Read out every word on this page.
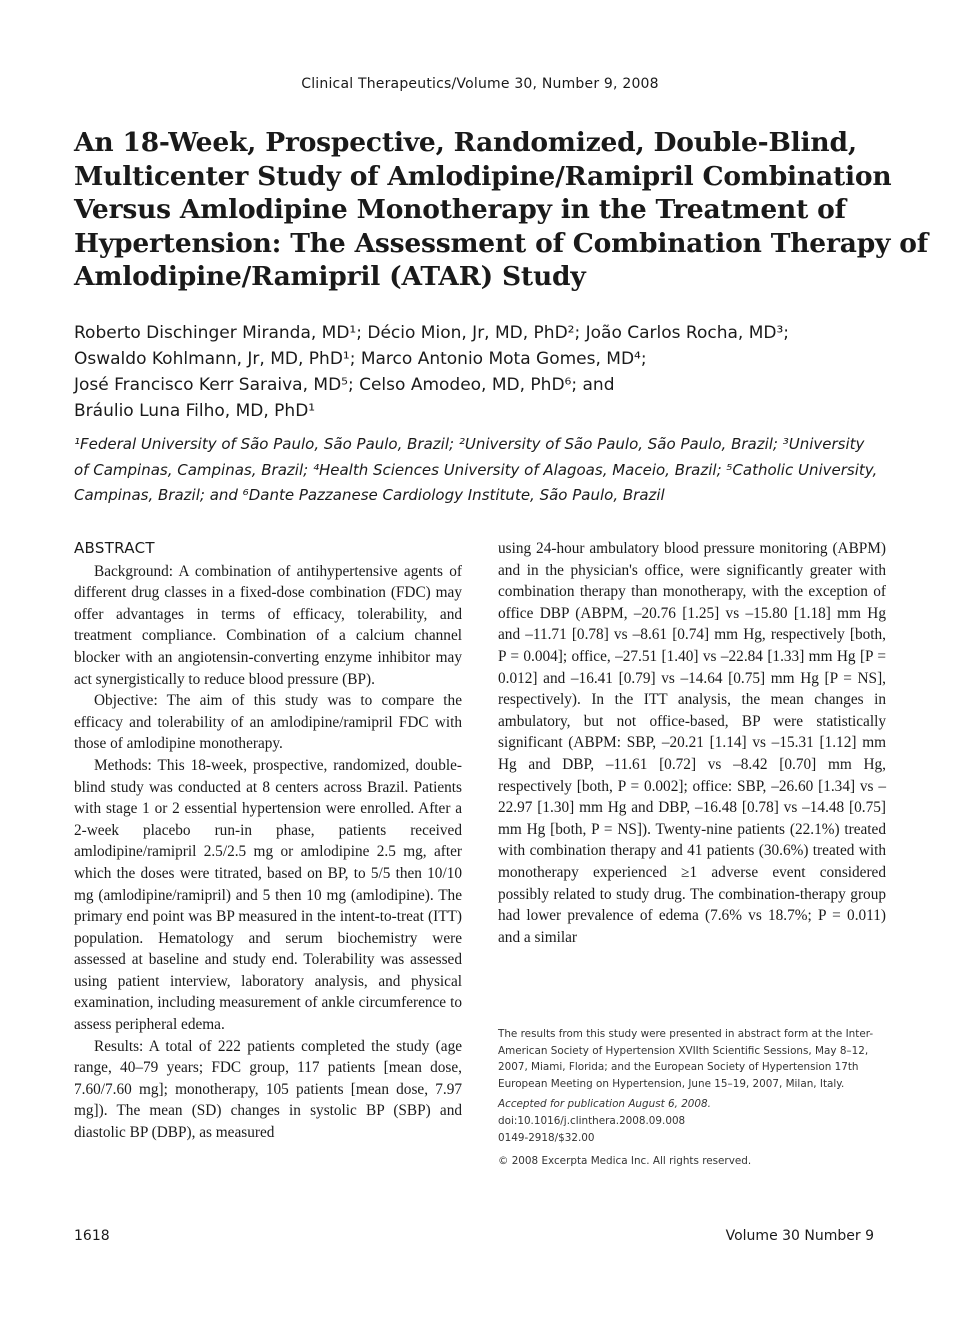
Clinical Therapeutics/Volume 30, Number 9, 2008
An 18-Week, Prospective, Randomized, Double-Blind,
Multicenter Study of Amlodipine/Ramipril Combination
Versus Amlodipine Monotherapy in the Treatment of
Hypertension: The Assessment of Combination Therapy of
Amlodipine/Ramipril (ATAR) Study
Roberto Dischinger Miranda, MD¹; Décio Mion, Jr, MD, PhD²; João Carlos Rocha, MD³;
Oswaldo Kohlmann, Jr, MD, PhD¹; Marco Antonio Mota Gomes, MD⁴;
José Francisco Kerr Saraiva, MD⁵; Celso Amodeo, MD, PhD⁶; and
Bráulio Luna Filho, MD, PhD¹
¹Federal University of São Paulo, São Paulo, Brazil; ²University of São Paulo, São Paulo, Brazil; ³University
of Campinas, Campinas, Brazil; ⁴Health Sciences University of Alagoas, Maceio, Brazil; ⁵Catholic University,
Campinas, Brazil; and ⁶Dante Pazzanese Cardiology Institute, São Paulo, Brazil
ABSTRACT

Background: A combination of antihypertensive agents of different drug classes in a fixed-dose combination (FDC) may offer advantages in terms of efficacy, tolerability, and treatment compliance. Combination of a calcium channel blocker with an angiotensin-converting enzyme inhibitor may act synergistically to reduce blood pressure (BP).

Objective: The aim of this study was to compare the efficacy and tolerability of an amlodipine/ramipril FDC with those of amlodipine monotherapy.

Methods: This 18-week, prospective, randomized, double-blind study was conducted at 8 centers across Brazil. Patients with stage 1 or 2 essential hypertension were enrolled. After a 2-week placebo run-in phase, patients received amlodipine/ramipril 2.5/2.5 mg or amlodipine 2.5 mg, after which the doses were titrated, based on BP, to 5/5 then 10/10 mg (amlodipine/ramipril) and 5 then 10 mg (amlodipine). The primary end point was BP measured in the intent-to-treat (ITT) population. Hematology and serum biochemistry were assessed at baseline and study end. Tolerability was assessed using patient interview, laboratory analysis, and physical examination, including measurement of ankle circumference to assess peripheral edema.

Results: A total of 222 patients completed the study (age range, 40–79 years; FDC group, 117 patients [mean dose, 7.60/7.60 mg]; monotherapy, 105 patients [mean dose, 7.97 mg]). The mean (SD) changes in systolic BP (SBP) and diastolic BP (DBP), as measured

using 24-hour ambulatory blood pressure monitoring (ABPM) and in the physician's office, were significantly greater with combination therapy than monotherapy, with the exception of office DBP (ABPM, –20.76 [1.25] vs –15.80 [1.18] mm Hg and –11.71 [0.78] vs –8.61 [0.74] mm Hg, respectively [both, P = 0.004]; office, –27.51 [1.40] vs –22.84 [1.33] mm Hg [P = 0.012] and –16.41 [0.79] vs –14.64 [0.75] mm Hg [P = NS], respectively). In the ITT analysis, the mean changes in ambulatory, but not office-based, BP were statistically significant (ABPM: SBP, –20.21 [1.14] vs –15.31 [1.12] mm Hg and DBP, –11.61 [0.72] vs –8.42 [0.70] mm Hg, respectively [both, P = 0.002]; office: SBP, –26.60 [1.34] vs –22.97 [1.30] mm Hg and DBP, –16.48 [0.78] vs –14.48 [0.75] mm Hg [both, P = NS]). Twenty-nine patients (22.1%) treated with combination therapy and 41 patients (30.6%) treated with monotherapy experienced ≥1 adverse event considered possibly related to study drug. The combination-therapy group had lower prevalence of edema (7.6% vs 18.7%; P = 0.011) and a similar

The results from this study were presented in abstract form at the Inter-American Society of Hypertension XVIIth Scientific Sessions, May 8–12, 2007, Miami, Florida; and the European Society of Hypertension 17th European Meeting on Hypertension, June 15–19, 2007, Milan, Italy.

Accepted for publication August 6, 2008.

doi:10.1016/j.clinthera.2008.09.008

0149-2918/$32.00

© 2008 Excerpta Medica Inc. All rights reserved.

1618	Volume 30 Number 9
